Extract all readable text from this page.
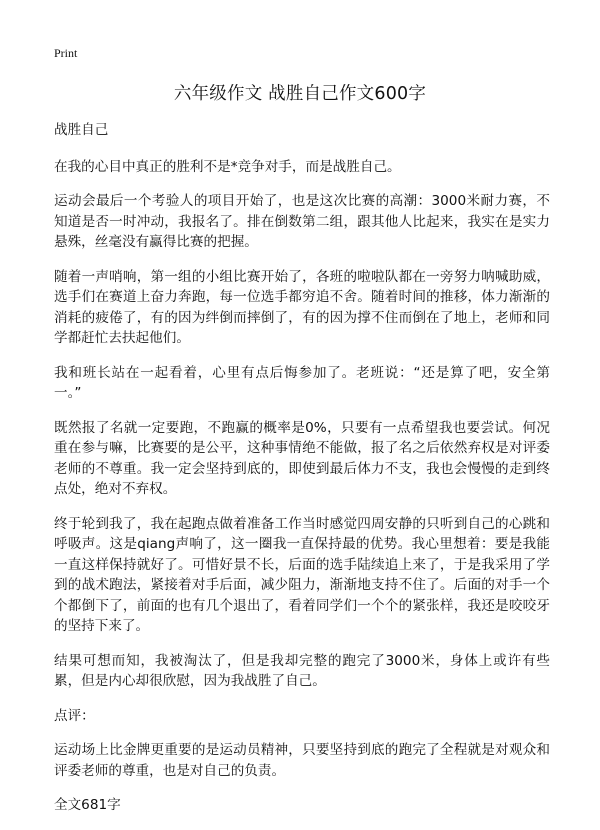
Print
六年级作文 战胜自己作文600字

战胜自己

在我的心目中真正的胜利不是*竞争对手，而是战胜自己。

运动会最后一个考验人的项目开始了，也是这次比赛的高潮：3000米耐力赛，不知道是否一时冲动，我报名了。排在倒数第二组，跟其他人比起来，我实在是实力悬殊，丝毫没有赢得比赛的把握。

随着一声哨响，第一组的小组比赛开始了，各班的啦啦队都在一旁努力呐喊助威，选手们在赛道上奋力奔跑，每一位选手都穷追不舍。随着时间的推移，体力渐渐的消耗的疲倦了，有的因为绊倒而摔倒了，有的因为撑不住而倒在了地上，老师和同学都赶忙去扶起他们。

我和班长站在一起看着，心里有点后悔参加了。老班说：“还是算了吧，安全第一。”

既然报了名就一定要跑，不跑赢的概率是0%，只要有一点希望我也要尝试。何况重在参与嘛，比赛要的是公平，这种事情绝不能做，报了名之后依然弃权是对评委老师的不尊重。我一定会坚持到底的，即使到最后体力不支，我也会慢慢的走到终点处，绝对不弃权。

终于轮到我了，我在起跑点做着准备工作当时感觉四周安静的只听到自己的心跳和呼吸声。这是qiang声响了，这一圈我一直保持最的优势。我心里想着：要是我能一直这样保持就好了。可惜好景不长，后面的选手陆续追上来了，于是我采用了学到的战术跑法，紧接着对手后面，减少阻力，渐渐地支持不住了。后面的对手一个个都倒下了，前面的也有几个退出了，看着同学们一个个的紧张样，我还是咬咬牙的坚持下来了。

结果可想而知，我被淘汰了，但是我却完整的跑完了3000米，身体上或许有些累，但是内心却很欣慰，因为我战胜了自己。

点评：

运动场上比金牌更重要的是运动员精神，只要坚持到底的跑完了全程就是对观众和评委老师的尊重，也是对自己的负责。

全文681字
